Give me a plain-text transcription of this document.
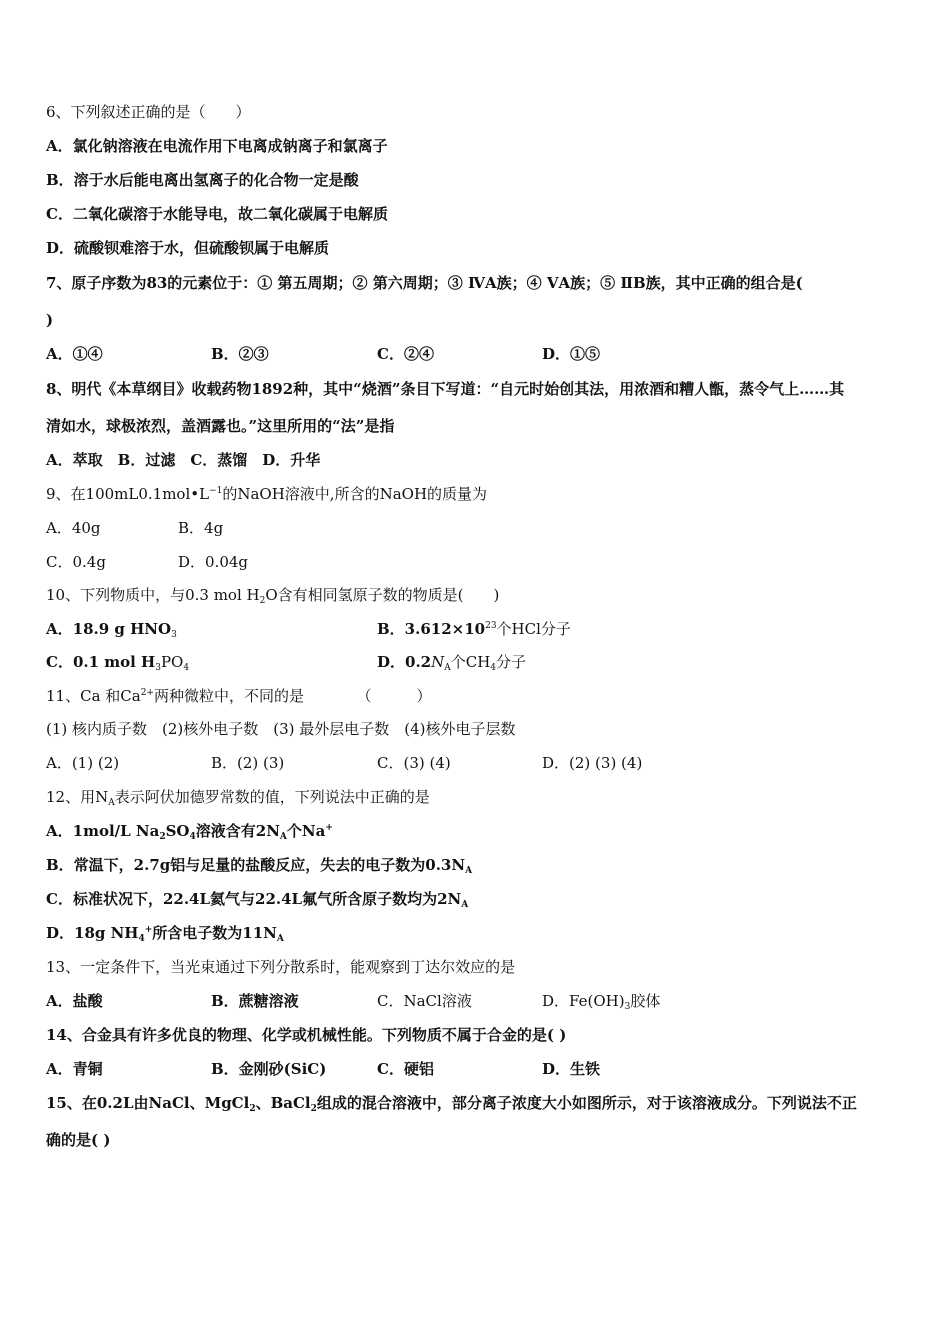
6、下列叙述正确的是（　　）
A．氯化钠溶液在电流作用下电离成钠离子和氯离子
B．溶于水后能电离出氢离子的化合物一定是酸
C．二氧化碳溶于水能导电，故二氧化碳属于电解质
D．硫酸钡难溶于水，但硫酸钡属于电解质
7、原子序数为83的元素位于：① 第五周期；② 第六周期；③ ⅣA族；④ ⅤA族；⑤ ⅡB族，其中正确的组合是(
)
A．①④	B．②③	C．②④	D．①⑤
8、明代《本草纲目》收载药物1892种，其中“烧酒”条目下写道：“自元时始创其法，用浓酒和糟人甑，蒸令气上……其
清如水，球极浓烈，盖酒露也。”这里所用的“法”是指
A．萃取　B．过滤　C．蒸馏　D．升华
9、在$100mL0.1mol•L^{-1}$的NaOH溶液中,所含的NaOH的质量为
A．40g	B．4g
C．0.4g	D．0.04g
10、下列物质中，与0.3 mol $H_2O$含有相同氢原子数的物质是(　　)
A．18.9 g $HNO_3$	B．$3.612\times 10^{23}$个HCl分子
C．0.1 mol $H_3PO_4$	D．$0.2N_A$个$CH_4$分子
11、Ca 和$Ca^{2+}$两种微粒中，不同的是　　　　（　　　）
(1) 核内质子数　(2)核外电子数　(3) 最外层电子数　(4)核外电子层数
A．(1) (2)	B．(2) (3)	C．(3) (4)	D．(2) (3) (4)
12、用$N_A$表示阿伏加德罗常数的值，下列说法中正确的是
A．1mol/L $Na_2SO_4$溶液含有$2N_A$个Na+
B．常温下，2.7g铝与足量的盐酸反应，失去的电子数为$0.3N_A$
C．标准状况下，22.4L氦气与22.4L氟气所含原子数均为$2N_A$
D．18g $NH_4^+$所含电子数为$11N_A$
13、一定条件下，当光束通过下列分散系时，能观察到丁达尔效应的是
A．盐酸	B．蔗糖溶液	C．NaCl溶液	D．$Fe(OH)_3$胶体
14、合金具有许多优良的物理、化学或机械性能。下列物质不属于合金的是( )
A．青铜	B．金刚砂(SiC)	C．硬铝	D．生铁
15、在0.2L由NaCl、MgCl$_2$、BaCl$_2$组成的混合溶液中，部分离子浓度大小如图所示，对于该溶液成分。下列说法不正
确的是( )
